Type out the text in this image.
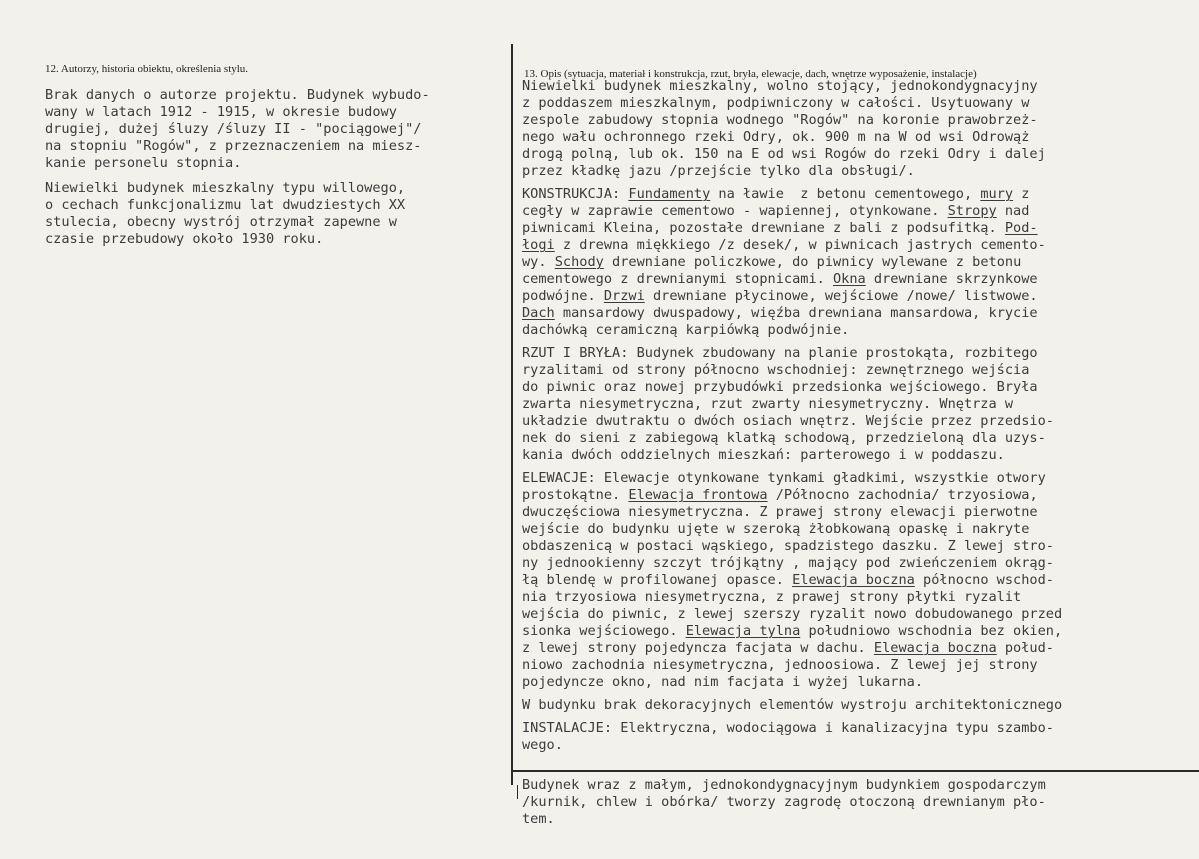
12. Autorzy, historia obiektu, określenia stylu.	13. Opis (sytuacja, materiał i konstrukcja, rzut, bryła, elewacje, dach, wnętrze wyposażenie, instalacje)
Brak danych o autorze projektu. Budynek wybudo-
wany w latach 1912 - 1915, w okresie budowy
drugiej, dużej śluzy /śluzy II - "pociągowej"/
na stopniu "Rogów", z przeznaczeniem na miesz-
kanie personelu stopnia.
Niewielki budynek mieszkalny typu willowego,
o cechach funkcjonalizmu lat dwudziestych XX
stulecia, obecny wystrój otrzymał zapewne w
czasie przebudowy około 1930 roku.
Niewielki budynek mieszkalny, wolno stojący, jednokondygnacyjny
z poddaszem mieszkalnym, podpiwniczony w całości. Usytuowany w
zespole zabudowy stopnia wodnego "Rogów" na koronie prawobrzeż-
nego wału ochronnego rzeki Odry, ok. 900 m na W od wsi Odrowąż
drogą polną, lub ok. 150 na E od wsi Rogów do rzeki Odry i dalej
przez kładkę jazu /przejście tylko dla obsługi/.
KONSTRUKCJA: Fundamenty na ławie  z betonu cementowego, mury z
cegły w zaprawie cementowo - wapiennej, otynkowane. Stropy nad
piwnicami Kleina, pozostałe drewniane z bali z podsufitką. Pod-
łogi z drewna miękkiego /z desek/, w piwnicach jastrych cemento-
wy. Schody drewniane policzkowe, do piwnicy wylewane z betonu
cementowego z drewnianymi stopnicami. Okna drewniane skrzynkowe
podwójne. Drzwi drewniane płycinowe, wejściowe /nowe/ listwowe.
Dach mansardowy dwuspadowy, więźba drewniana mansardowa, krycie
dachówką ceramiczną karpiówką podwójnie.
RZUT I BRYŁA: Budynek zbudowany na planie prostokąta, rozbitego
ryzalitami od strony północno wschodniej: zewnętrznego wejścia
do piwnic oraz nowej przybudówki przedsionka wejściowego. Bryła
zwarta niesymetryczna, rzut zwarty niesymetryczny. Wnętrza w
układzie dwutraktu o dwóch osiach wnętrz. Wejście przez przedsio-
nek do sieni z zabiegową klatką schodową, przedzieloną dla uzys-
kania dwóch oddzielnych mieszkań: parterowego i w poddaszu.
ELEWACJE: Elewacje otynkowane tynkami gładkimi, wszystkie otwory
prostokątne. Elewacja frontowa /Północno zachodnia/ trzyosiowa,
dwuczęściowa niesymetryczna. Z prawej strony elewacji pierwotne
wejście do budynku ujęte w szeroką żłobkowaną opaskę i nakryte
obdaszenicą w postaci wąskiego, spadzistego daszku. Z lewej stro-
ny jednookienny szczyt trójkątny , mający pod zwieńczeniem okrąg-
łą blendę w profilowanej opasce. Elewacja boczna północno wschod-
nia trzyosiowa niesymetryczna, z prawej strony płytki ryzalit
wejścia do piwnic, z lewej szerszy ryzalit nowo dobudowanego przed
sionka wejściowego. Elewacja tylna południowo wschodnia bez okien,
z lewej strony pojedyncza facjata w dachu. Elewacja boczna połud-
niowo zachodnia niesymetryczna, jednoosiowa. Z lewej jej strony
pojedyncze okno, nad nim facjata i wyżej lukarna.
W budynku brak dekoracyjnych elementów wystroju architektonicznego
INSTALACJE: Elektryczna, wodociągowa i kanalizacyjna typu szambo-
wego.
Budynek wraz z małym, jednokondygnacyjnym budynkiem gospodarczym
/kurnik, chlew i obórka/ tworzy zagrodę otoczoną drewnianym pło-
tem.
